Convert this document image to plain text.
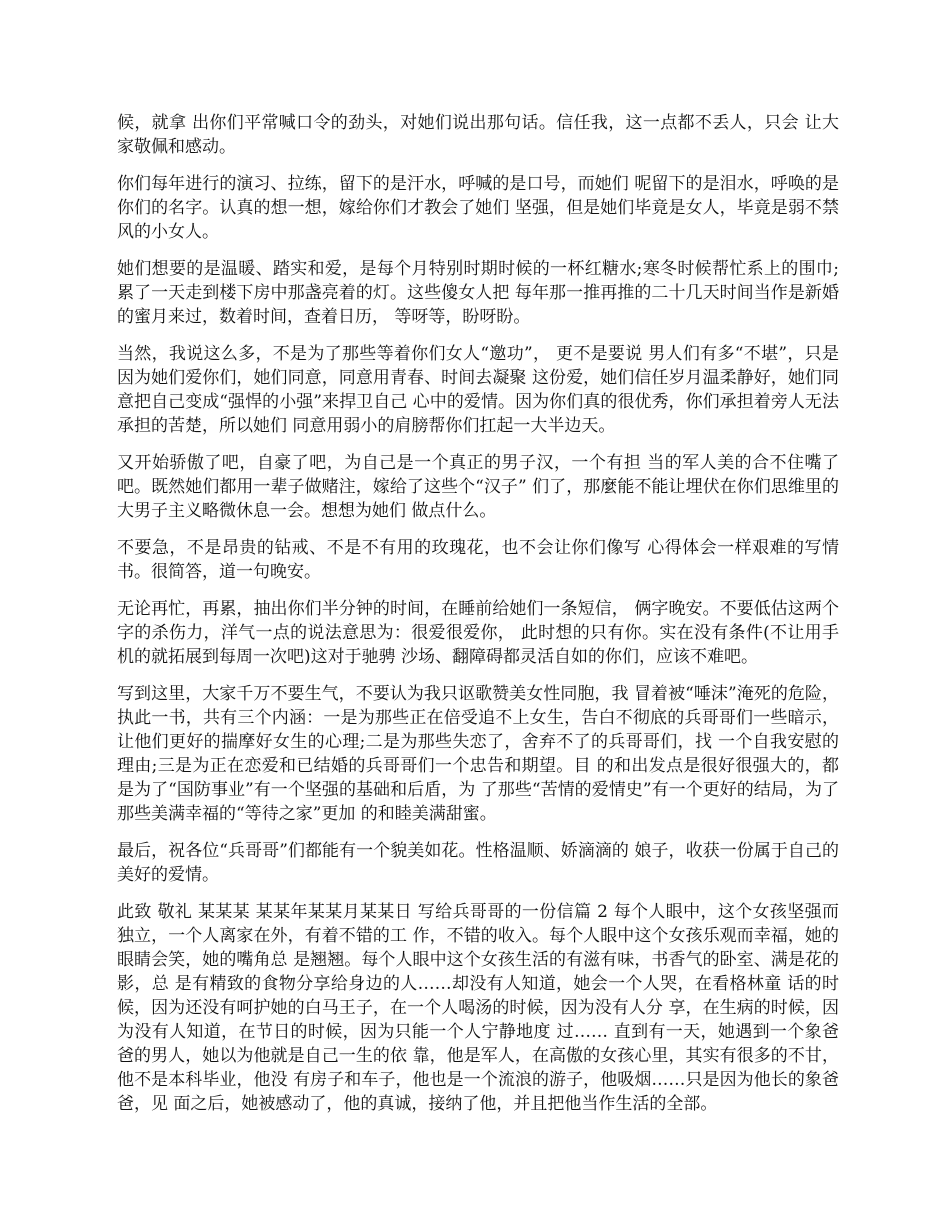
候，就拿 出你们平常喊口令的劲头，对她们说出那句话。信任我，这一点都不丢人，只会 让大家敬佩和感动。

你们每年进行的演习、拉练，留下的是汗水，呼喊的是口号，而她们 呢留下的是泪水，呼唤的是你们的名字。认真的想一想，嫁给你们才教会了她们 坚强，但是她们毕竟是女人，毕竟是弱不禁风的小女人。

她们想要的是温暖、踏实和爱，是每个月特别时期时候的一杯红糖水;寒冬时候帮忙系上的围巾;累了一天走到楼下房中那盏亮着的灯。这些傻女人把 每年那一推再推的二十几天时间当作是新婚的蜜月来过，数着时间，查着日历， 等呀等，盼呀盼。

当然，我说这么多，不是为了那些等着你们女人“邀功”， 更不是要说 男人们有多“不堪”，只是因为她们爱你们，她们同意，同意用青春、时间去凝聚 这份爱，她们信任岁月温柔静好，她们同意把自己变成“强悍的小强”来捍卫自己 心中的爱情。因为你们真的很优秀，你们承担着旁人无法承担的苦楚，所以她们 同意用弱小的肩膀帮你们扛起一大半边天。

又开始骄傲了吧，自豪了吧，为自己是一个真正的男子汉，一个有担 当的军人美的合不住嘴了吧。既然她们都用一辈子做赌注，嫁给了这些个“汉子” 们了，那麼能不能让埋伏在你们思维里的大男子主义略微休息一会。想想为她们 做点什么。

不要急，不是昂贵的钻戒、不是不有用的玫瑰花，也不会让你们像写 心得体会一样艰难的写情书。很简答，道一句晚安。

无论再忙，再累，抽出你们半分钟的时间，在睡前给她们一条短信， 俩字晚安。不要低估这两个字的杀伤力，洋气一点的说法意思为：很爱很爱你， 此时想的只有你。实在没有条件(不让用手机的就拓展到每周一次吧)这对于驰骋 沙场、翻障碍都灵活自如的你们，应该不难吧。

写到这里，大家千万不要生气，不要认为我只讴歌赞美女性同胞，我 冒着被“唾沫”淹死的危险，执此一书，共有三个内涵：一是为那些正在倍受追不上女生，告白不彻底的兵哥哥们一些暗示， 让他们更好的揣摩好女生的心理;二是为那些失恋了，舍弃不了的兵哥哥们，找 一个自我安慰的理由;三是为正在恋爱和已结婚的兵哥哥们一个忠告和期望。目 的和出发点是很好很强大的，都是为了“国防事业”有一个坚强的基础和后盾，为 了那些“苦情的爱情史”有一个更好的结局，为了那些美满幸福的“等待之家”更加 的和睦美满甜蜜。

最后，祝各位“兵哥哥”们都能有一个貌美如花。性格温顺、娇滴滴的 娘子，收获一份属于自己的美好的爱情。

此致 敬礼 某某某 某某年某某月某某日 写给兵哥哥的一份信篇 2 每个人眼中，这个女孩坚强而独立，一个人离家在外，有着不错的工 作，不错的收入。每个人眼中这个女孩乐观而幸福，她的眼睛会笑，她的嘴角总 是翘翘。每个人眼中这个女孩生活的有滋有味，书香气的卧室、满是花的影，总 是有精致的食物分享给身边的人……却没有人知道，她会一个人哭，在看格林童 话的时候，因为还没有呵护她的白马王子，在一个人喝汤的时候，因为没有人分 享，在生病的时候，因为没有人知道，在节日的时候，因为只能一个人宁静地度 过…… 直到有一天，她遇到一个象爸爸的男人，她以为他就是自己一生的依 靠，他是军人，在高傲的女孩心里，其实有很多的不甘，他不是本科毕业，他没 有房子和车子，他也是一个流浪的游子，他吸烟……只是因为他长的象爸爸，见 面之后，她被感动了，他的真诚，接纳了他，并且把他当作生活的全部。
